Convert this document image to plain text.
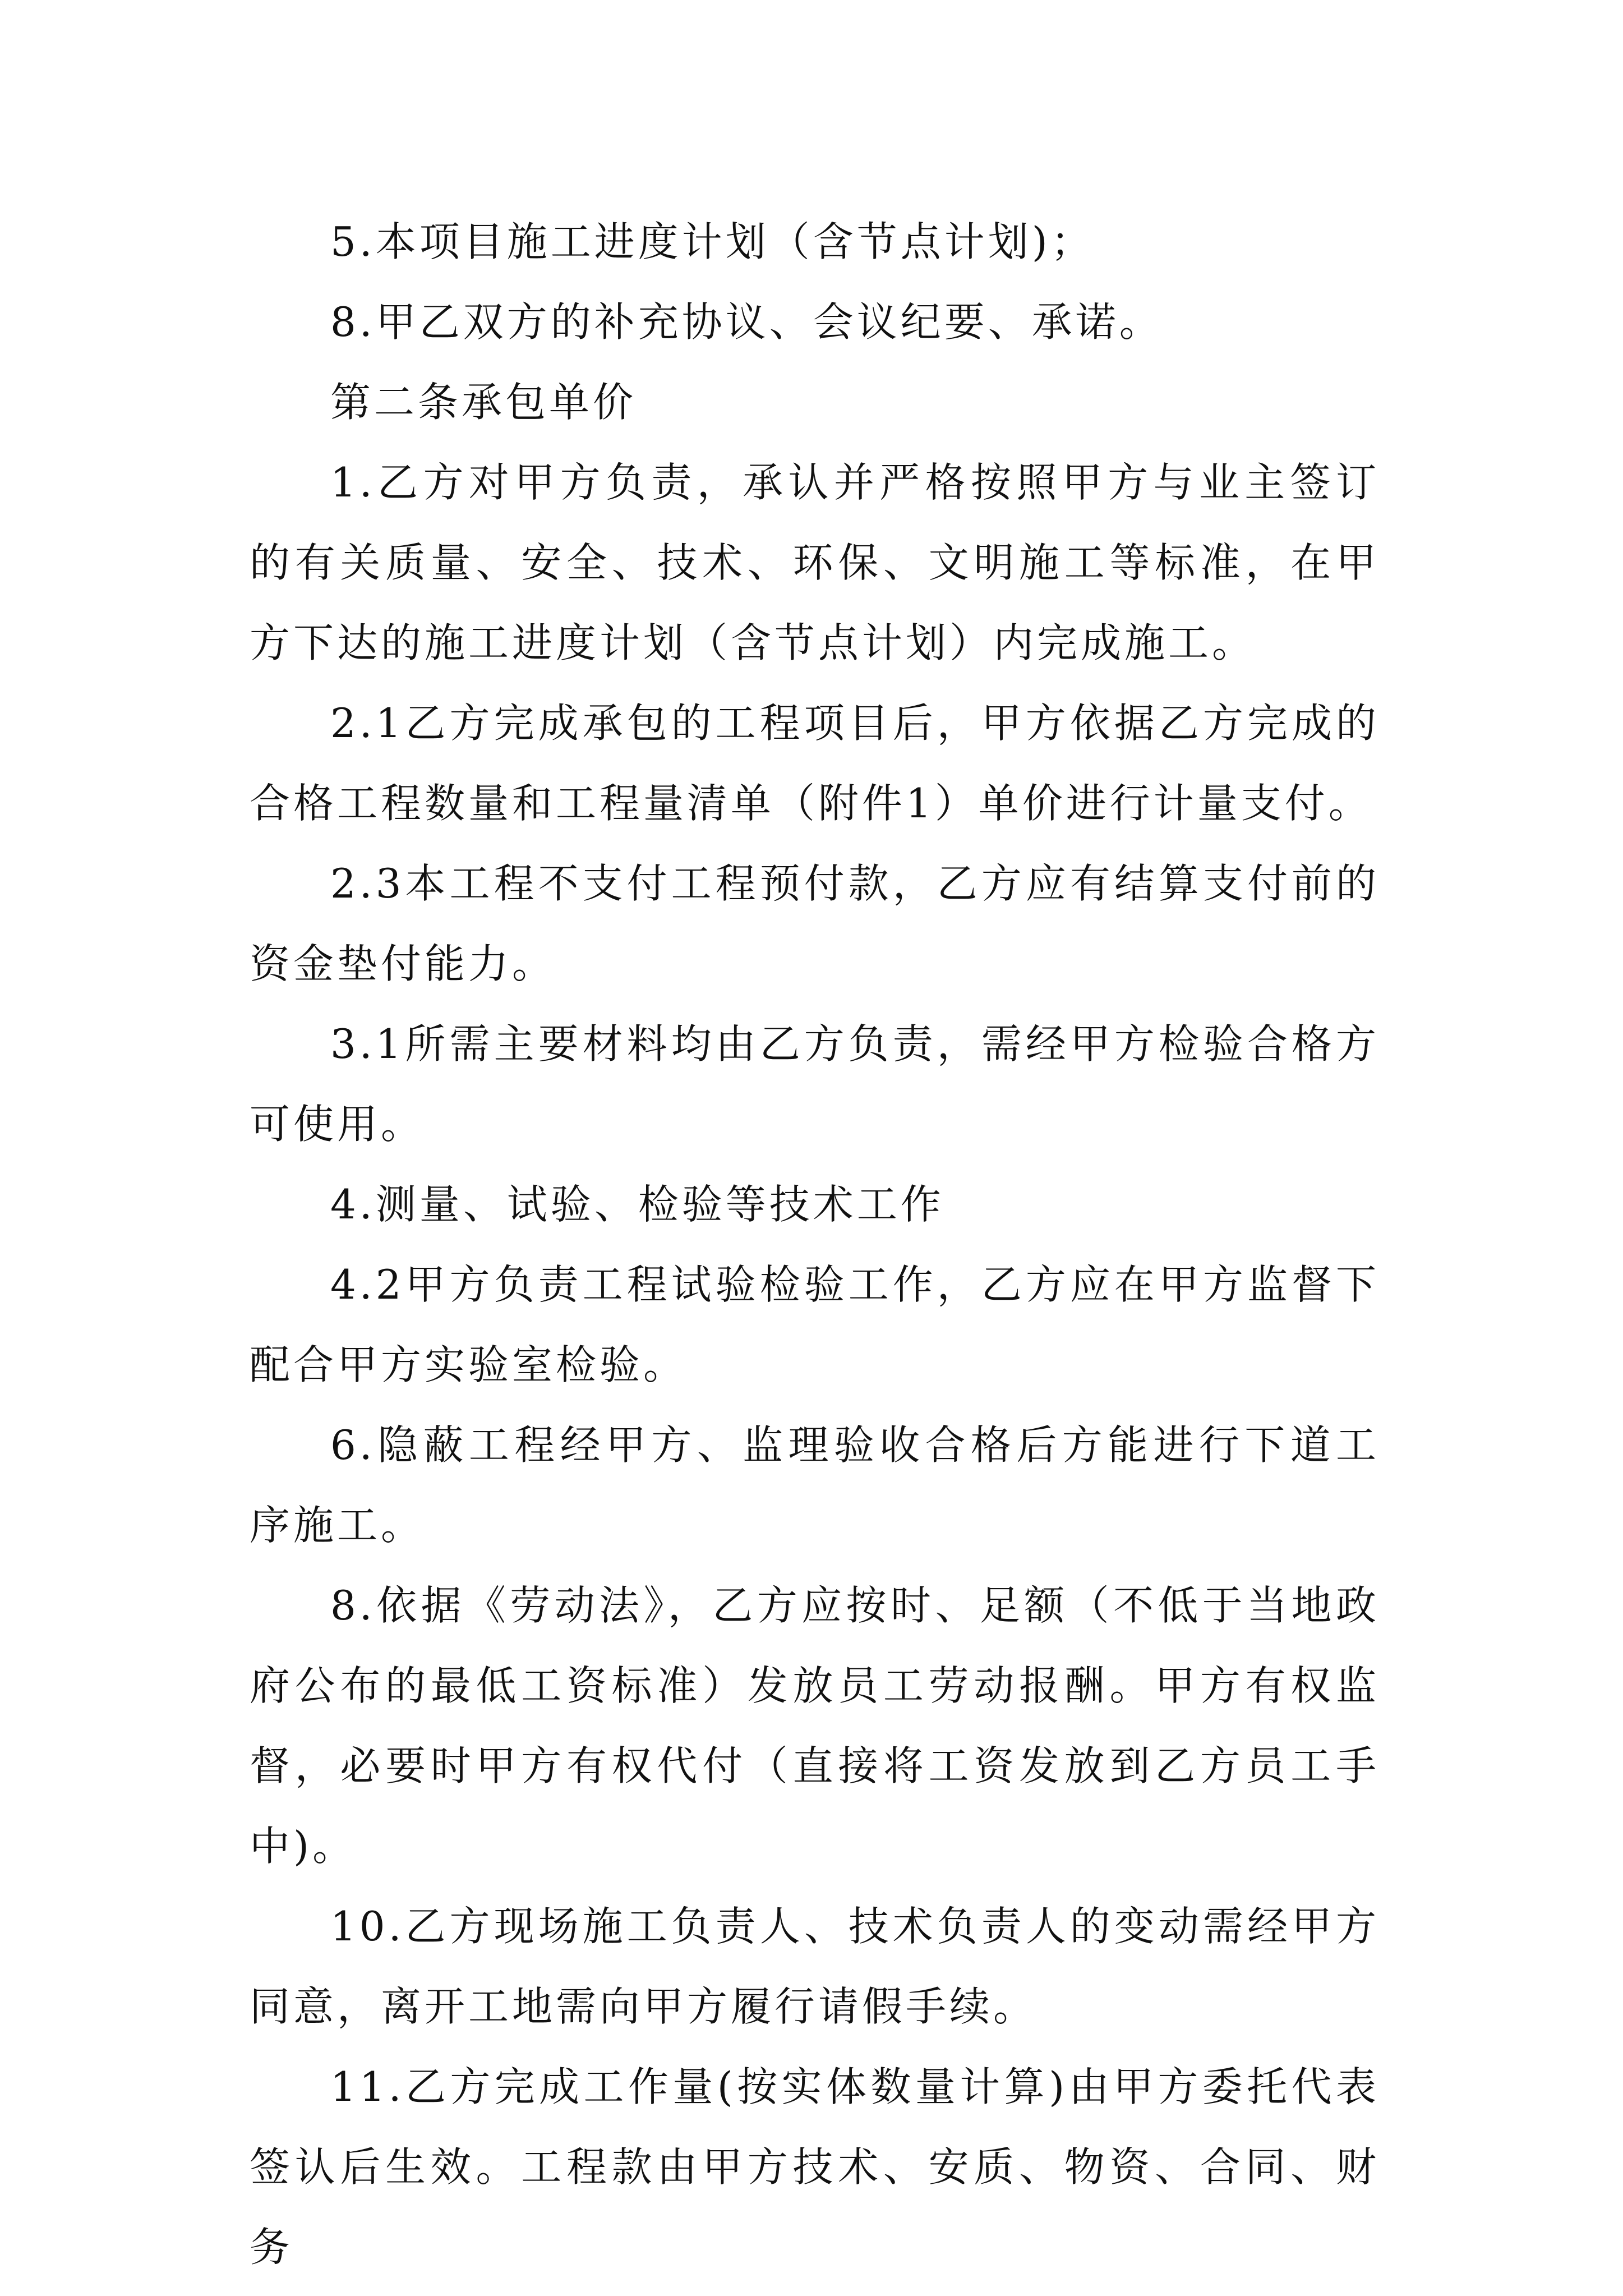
5.本项目施工进度计划（含节点计划)；

8.甲乙双方的补充协议、会议纪要、承诺。

第二条承包单价

1.乙方对甲方负责，承认并严格按照甲方与业主签订的有关质量、安全、技术、环保、文明施工等标准，在甲方下达的施工进度计划（含节点计划）内完成施工。

2.1乙方完成承包的工程项目后，甲方依据乙方完成的合格工程数量和工程量清单（附件1）单价进行计量支付。

2.3本工程不支付工程预付款，乙方应有结算支付前的资金垫付能力。

3.1所需主要材料均由乙方负责，需经甲方检验合格方可使用。

4.测量、试验、检验等技术工作

4.2甲方负责工程试验检验工作，乙方应在甲方监督下配合甲方实验室检验。

6.隐蔽工程经甲方、监理验收合格后方能进行下道工序施工。

8.依据《劳动法》，乙方应按时、足额（不低于当地政府公布的最低工资标准）发放员工劳动报酬。甲方有权监督，必要时甲方有权代付（直接将工资发放到乙方员工手中)。

10.乙方现场施工负责人、技术负责人的变动需经甲方同意，离开工地需向甲方履行请假手续。

11.乙方完成工作量(按实体数量计算)由甲方委托代表签认后生效。工程款由甲方技术、安质、物资、合同、财务
